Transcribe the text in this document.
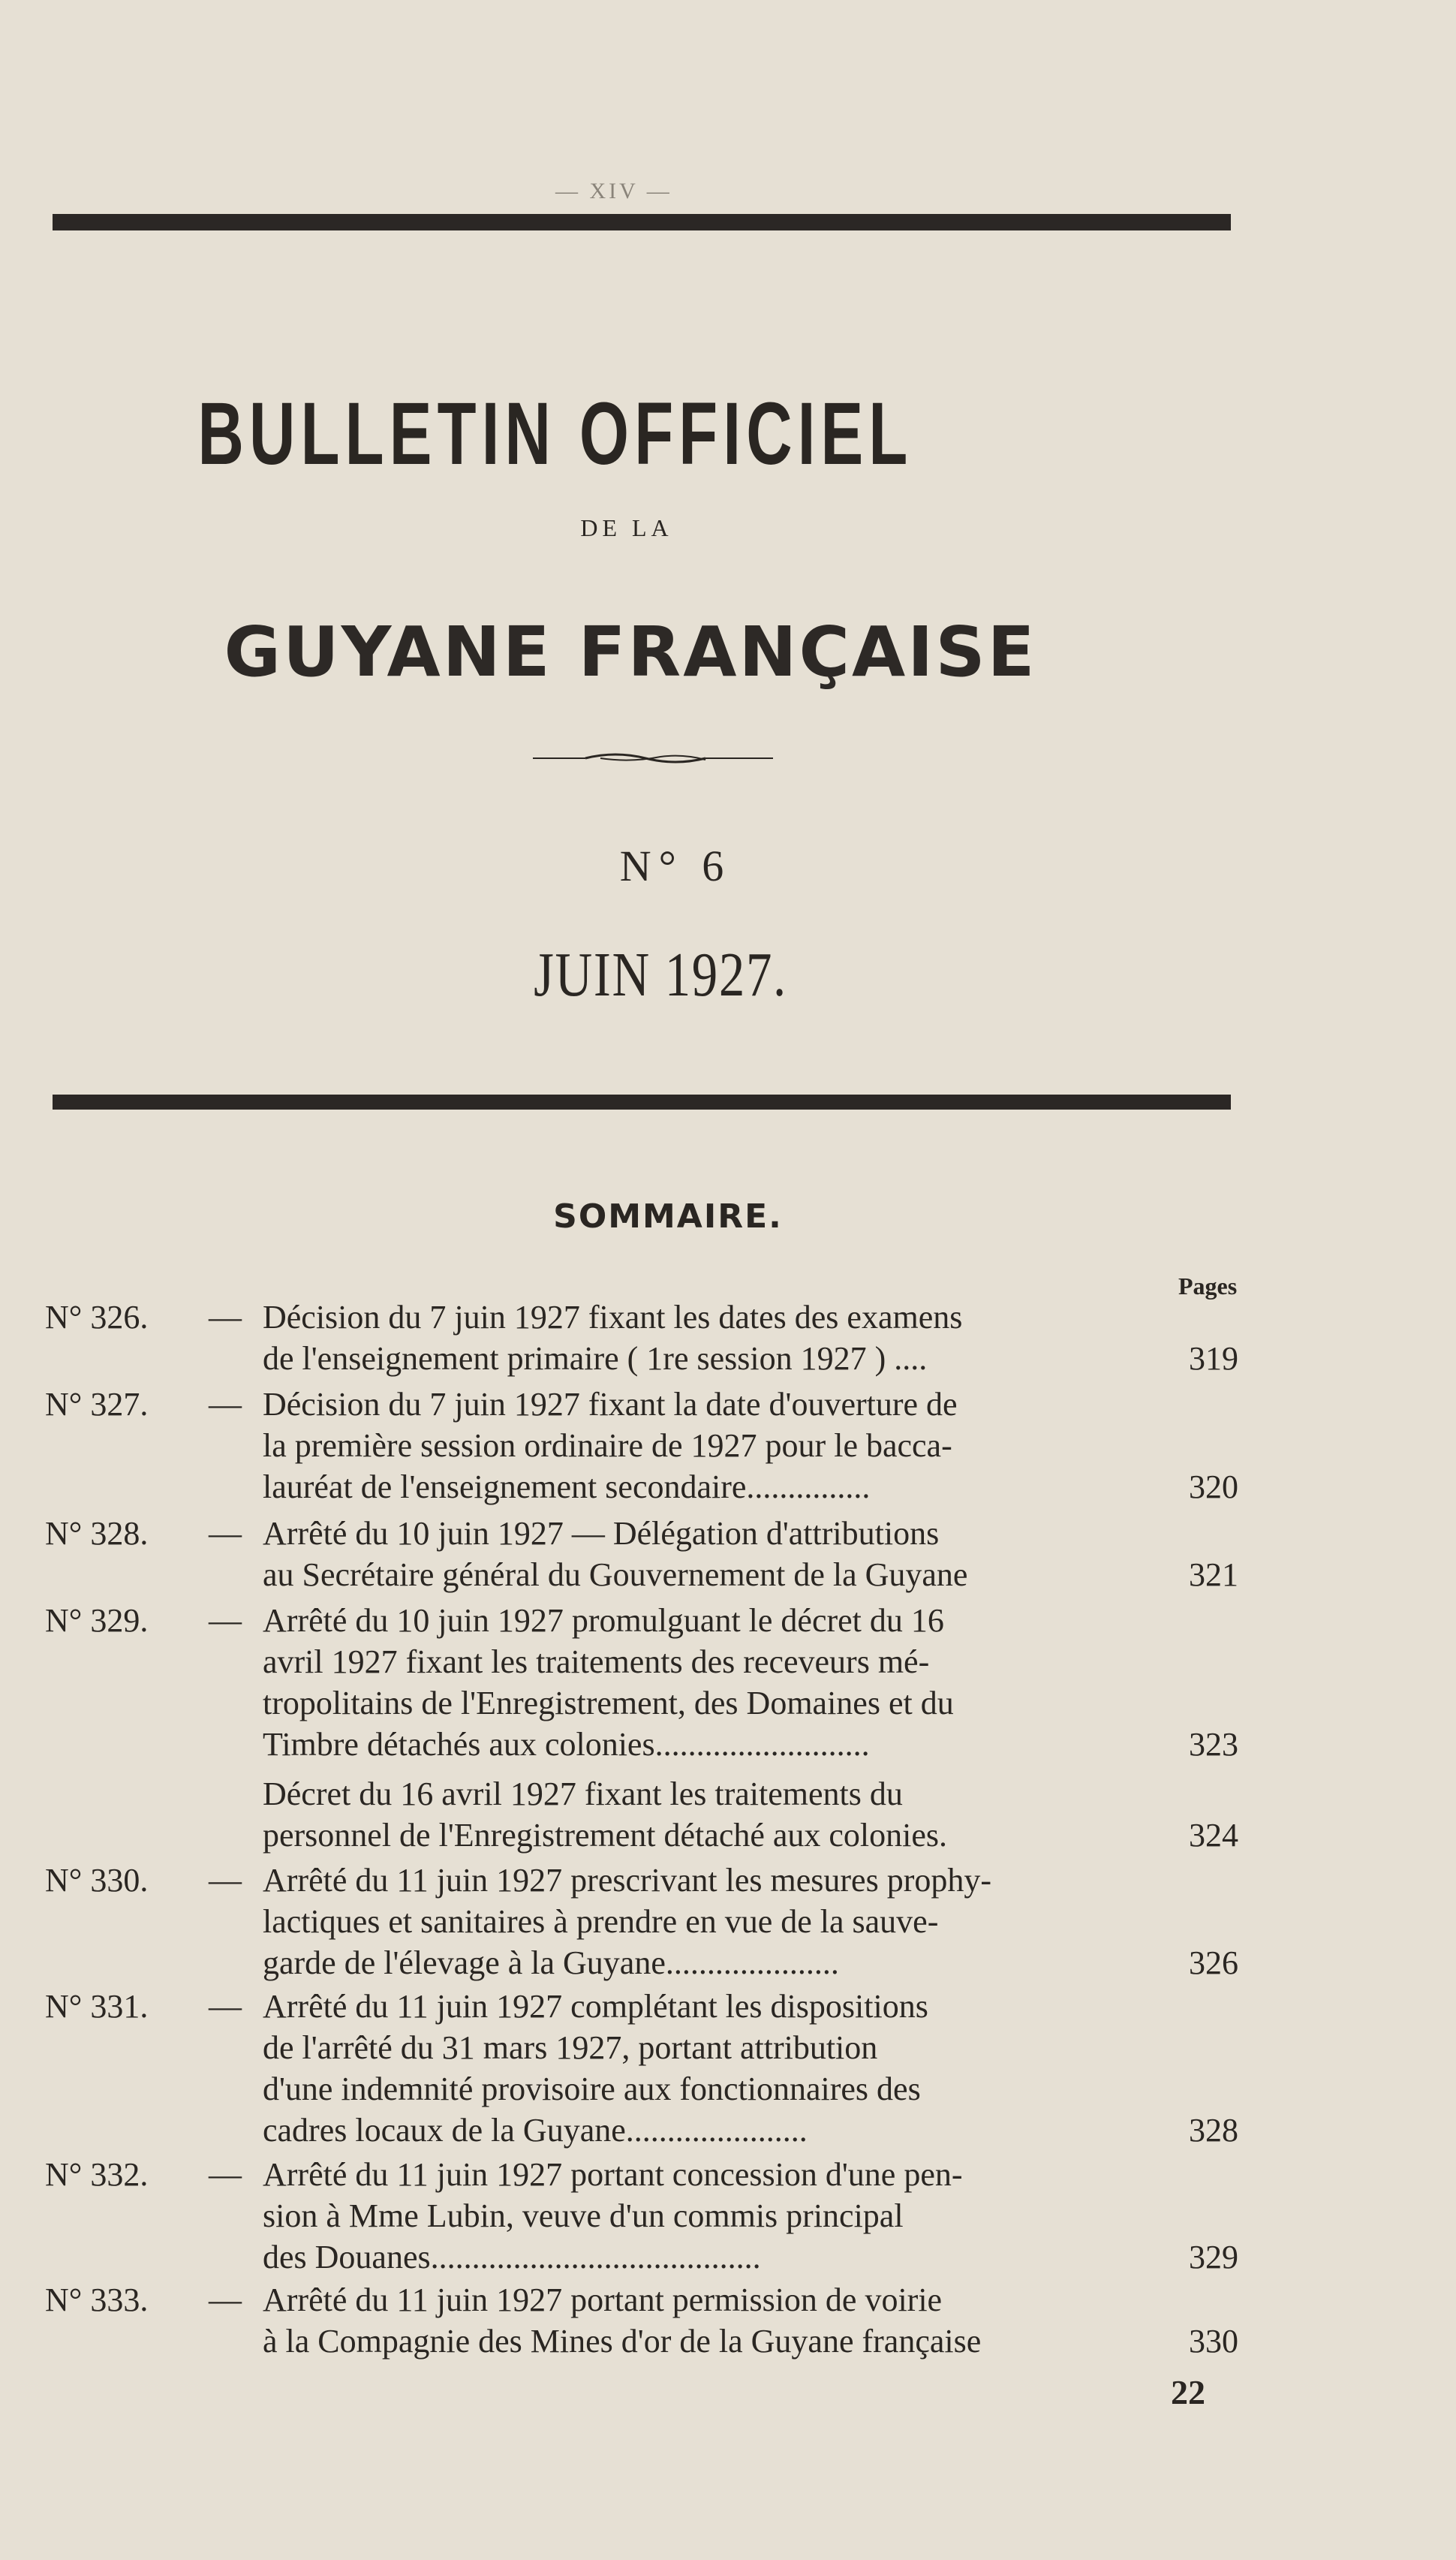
— XIV —
BULLETIN OFFICIEL
DE LA
GUYANE FRANÇAISE
N° 6
JUIN 1927.
SOMMAIRE.
Pages
N° 326.	— Décision du 7 juin 1927 fixant les dates des examens
de l'enseignement primaire ( 1re session 1927 ) ....	319
N° 327.	— Décision du 7 juin 1927 fixant la date d'ouverture de
la première session ordinaire de 1927 pour le bacca-
lauréat de l'enseignement secondaire...............	320
N° 328.	— Arrêté du 10 juin 1927 — Délégation d'attributions
au Secrétaire général du Gouvernement de la Guyane	321
N° 329.	— Arrêté du 10 juin 1927 promulguant le décret du 16
avril 1927 fixant les traitements des receveurs mé-
tropolitains de l'Enregistrement, des Domaines et du
Timbre détachés aux colonies..........................	323
Décret du 16 avril 1927 fixant les traitements du
personnel de l'Enregistrement détaché aux colonies.	324
N° 330.	— Arrêté du 11 juin 1927 prescrivant les mesures prophy-
lactiques et sanitaires à prendre en vue de la sauve-
garde de l'élevage à la Guyane.....................	326
N° 331.	— Arrêté du 11 juin 1927 complétant les dispositions
de l'arrêté du 31 mars 1927, portant attribution
d'une indemnité provisoire aux fonctionnaires des
cadres locaux de la Guyane......................	328
N° 332.	— Arrêté du 11 juin 1927 portant concession d'une pen-
sion à Mme Lubin, veuve d'un commis principal
des Douanes........................................	329
N° 333.	— Arrêté du 11 juin 1927 portant permission de voirie
à la Compagnie des Mines d'or de la Guyane française	330
22
